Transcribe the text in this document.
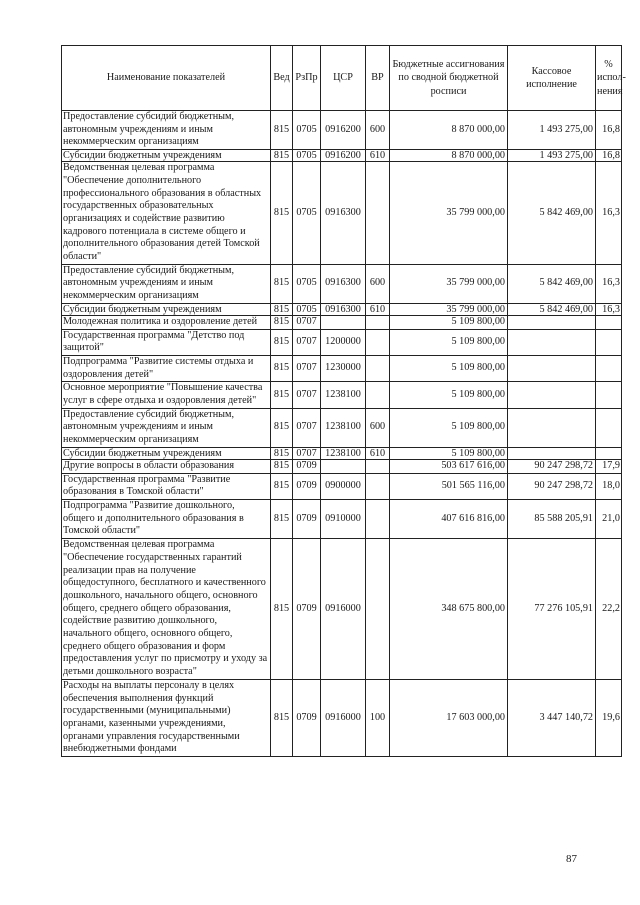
Наименование показателей	Вед	РзПр	ЦСР	ВР	Бюджетные ассигнования по сводной бюджетной росписи	Кассовое исполнение	% испол- нения
Предоставление субсидий бюджетным, автономным учреждениям и иным некоммерческим организациям	815	0705	0916200	600	8 870 000,00	1 493 275,00	16,8
Субсидии бюджетным учреждениям	815	0705	0916200	610	8 870 000,00	1 493 275,00	16,8
Ведомственная целевая программа "Обеспечение дополнительного профессионального образования в областных государственных образовательных организациях и содействие развитию кадрового потенциала в системе общего и дополнительного образования детей Томской области"	815	0705	0916300		35 799 000,00	5 842 469,00	16,3
Предоставление субсидий бюджетным, автономным учреждениям и иным некоммерческим организациям	815	0705	0916300	600	35 799 000,00	5 842 469,00	16,3
Субсидии бюджетным учреждениям	815	0705	0916300	610	35 799 000,00	5 842 469,00	16,3
Молодежная политика и оздоровление детей	815	0707			5 109 800,00		
Государственная программа "Детство под защитой"	815	0707	1200000		5 109 800,00		
Подпрограмма "Развитие системы отдыха и оздоровления детей"	815	0707	1230000		5 109 800,00		
Основное мероприятие "Повышение качества услуг в сфере отдыха и оздоровления детей"	815	0707	1238100		5 109 800,00		
Предоставление субсидий бюджетным, автономным учреждениям и иным некоммерческим организациям	815	0707	1238100	600	5 109 800,00		
Субсидии бюджетным учреждениям	815	0707	1238100	610	5 109 800,00		
Другие вопросы в области образования	815	0709			503 617 616,00	90 247 298,72	17,9
Государственная программа "Развитие образования в Томской области"	815	0709	0900000		501 565 116,00	90 247 298,72	18,0
Подпрограмма "Развитие дошкольного, общего и дополнительного образования в Томской области"	815	0709	0910000		407 616 816,00	85 588 205,91	21,0
Ведомственная целевая программа "Обеспечение государственных гарантий реализации прав на получение общедоступного, бесплатного и качественного дошкольного, начального общего, основного общего, среднего общего образования, содействие развитию дошкольного, начального общего, основного общего, среднего общего образования и форм предоставления услуг по присмотру и уходу за детьми дошкольного возраста"	815	0709	0916000		348 675 800,00	77 276 105,91	22,2
Расходы на выплаты персоналу в целях обеспечения выполнения функций государственными (муниципальными) органами, казенными учреждениями, органами управления государственными внебюджетными фондами	815	0709	0916000	100	17 603 000,00	3 447 140,72	19,6
87
